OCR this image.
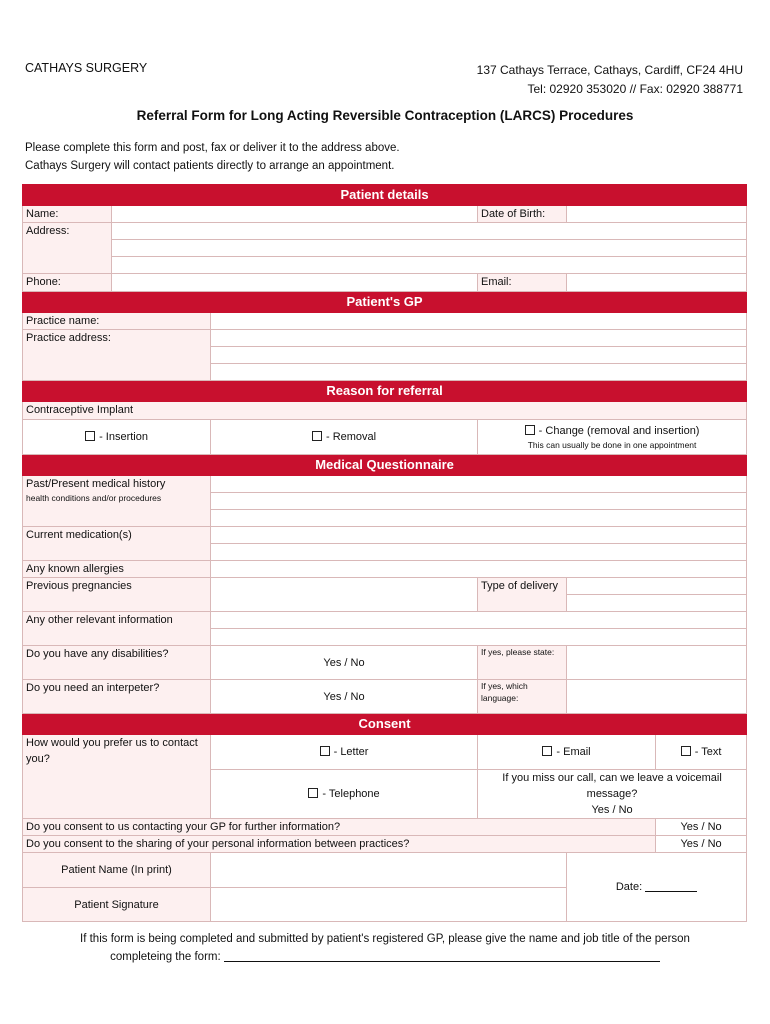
CATHAYS SURGERY	137 Cathays Terrace, Cathays, Cardiff, CF24 4HU
Tel: 02920 353020 // Fax: 02920 388771
Referral Form for Long Acting Reversible Contraception (LARCS) Procedures
Please complete this form and post, fax or deliver it to the address above.
Cathays Surgery will contact patients directly to arrange an appointment.
Patient details					
Name:			Date of Birth:		
Address:					

Phone:			Email:		
Patient's GP					
Practice name:					
Practice address:					

Reason for referral					
Contraceptive Implant					
- Insertion		- Removal	- Change (removal and insertion)
This can usually be done in one appointment		

Medical Questionnaire					

Past/Present medical history
health conditions and/or procedures					

Current medication(s)					

Any known allergies					
Previous pregnancies			Type of delivery		

Any other relevant information					

Do you have any disabilities?		Yes / No	If yes, please state:		
Do you need an interpeter?		Yes / No	If yes, which language:		
Consent					
How would you prefer us to contact you?		- Letter	- Email		- Text
		- Telephone	If you miss our call, can we leave a voicemail message?
Yes / No		

Do you consent to us contacting your GP for further information?					Yes / No
Do you consent to the sharing of your personal information between practices?					Yes / No
Patient Name (In print)				Date:	
Patient Signature					
If this form is being completed and submitted by patient's registered GP, please give the name and job title of the person
completeing the form:
